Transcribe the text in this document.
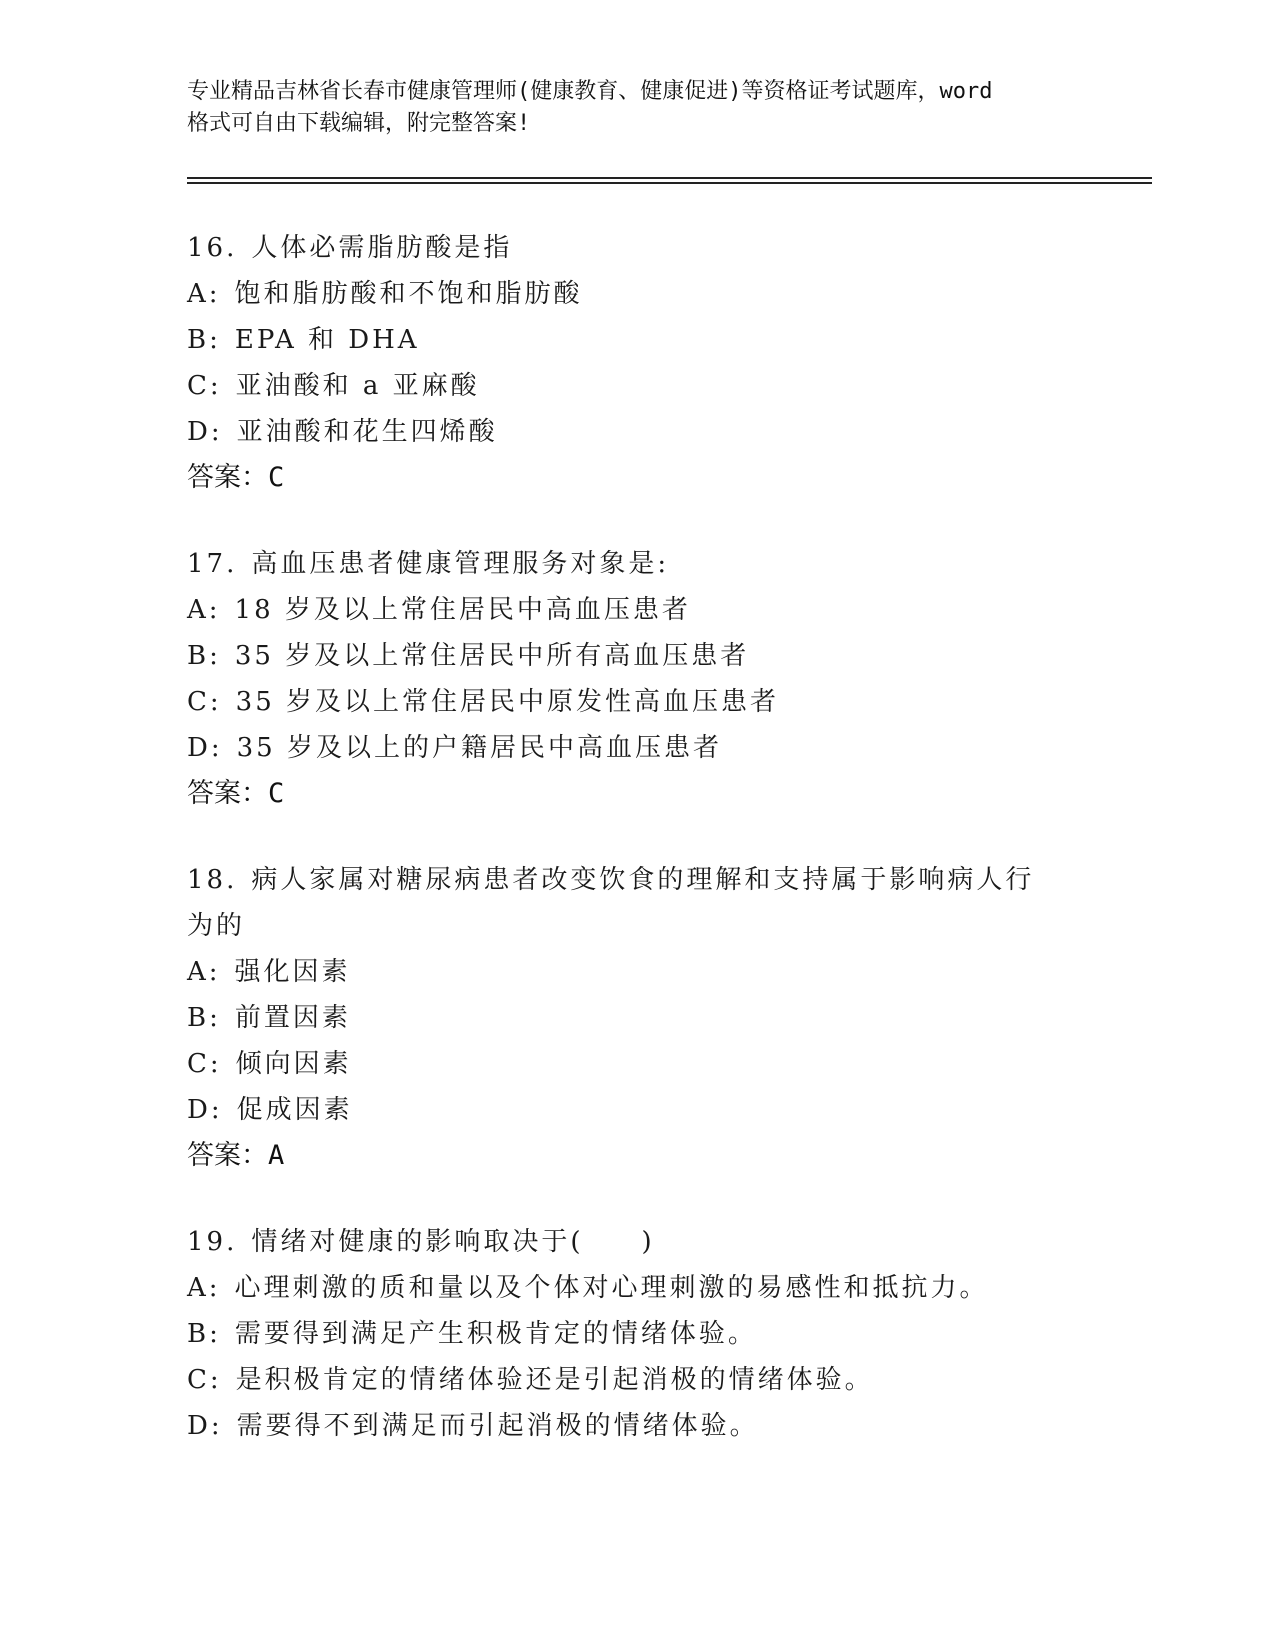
专业精品吉林省长春市健康管理师(健康教育、健康促进)等资格证考试题库，word
格式可自由下载编辑，附完整答案!

16. 人体必需脂肪酸是指

A: 饱和脂肪酸和不饱和脂肪酸

B: EPA 和 DHA

C: 亚油酸和 a 亚麻酸

D: 亚油酸和花生四烯酸

答案：C

17. 高血压患者健康管理服务对象是:

A: 18 岁及以上常住居民中高血压患者

B: 35 岁及以上常住居民中所有高血压患者

C: 35 岁及以上常住居民中原发性高血压患者

D: 35 岁及以上的户籍居民中高血压患者

答案：C

18. 病人家属对糖尿病患者改变饮食的理解和支持属于影响病人行为的

A: 强化因素

B: 前置因素

C: 倾向因素

D: 促成因素

答案：A

19. 情绪对健康的影响取决于(　　)

A: 心理刺激的质和量以及个体对心理刺激的易感性和抵抗力。

B: 需要得到满足产生积极肯定的情绪体验。

C: 是积极肯定的情绪体验还是引起消极的情绪体验。

D: 需要得不到满足而引起消极的情绪体验。
